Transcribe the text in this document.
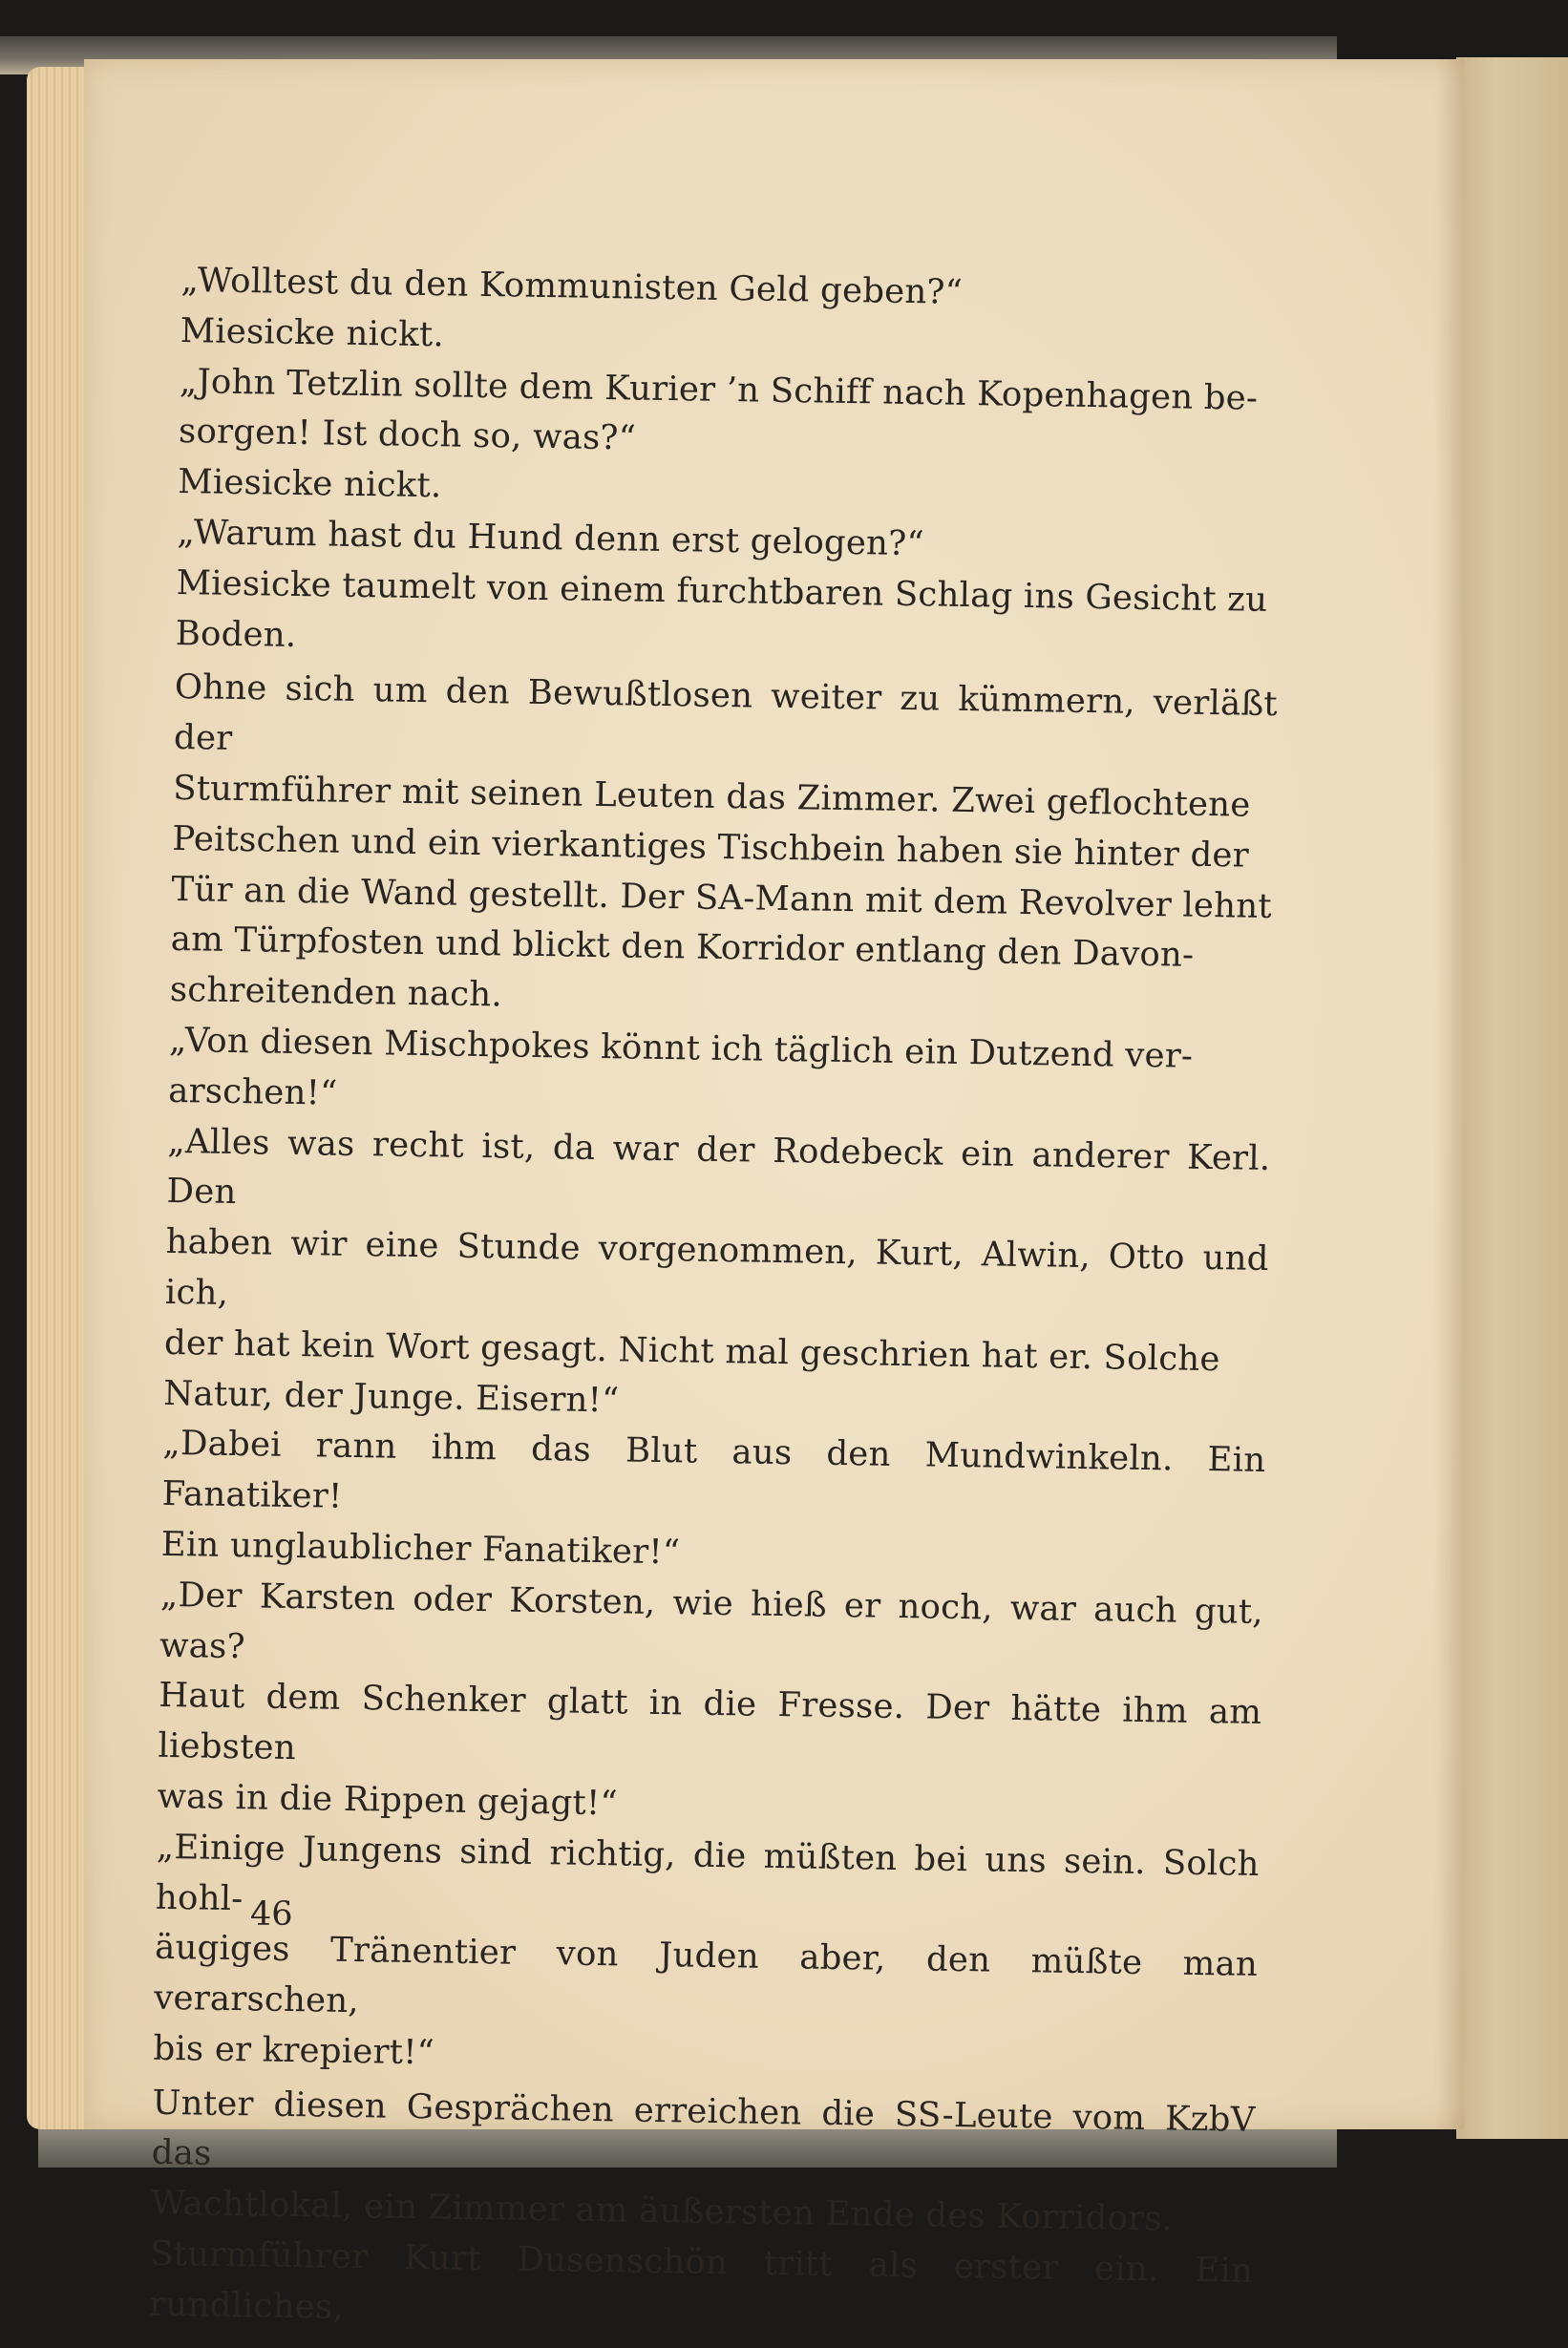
„Wolltest du den Kommunisten Geld geben?“

Miesicke nickt.

„John Tetzlin sollte dem Kurier ’n Schiff nach Kopenhagen be-
sorgen! Ist doch so, was?“

Miesicke nickt.

„Warum hast du Hund denn erst gelogen?“

Miesicke taumelt von einem furchtbaren Schlag ins Gesicht zu
Boden.

Ohne sich um den Bewußtlosen weiter zu kümmern, verläßt der
Sturmführer mit seinen Leuten das Zimmer. Zwei geflochtene
Peitschen und ein vierkantiges Tischbein haben sie hinter der
Tür an die Wand gestellt. Der SA-Mann mit dem Revolver lehnt
am Türpfosten und blickt den Korridor entlang den Davon-
schreitenden nach.

„Von diesen Mischpokes könnt ich täglich ein Dutzend ver-
arschen!“

„Alles was recht ist, da war der Rodebeck ein anderer Kerl. Den
haben wir eine Stunde vorgenommen, Kurt, Alwin, Otto und ich,
der hat kein Wort gesagt. Nicht mal geschrien hat er. Solche
Natur, der Junge. Eisern!“

„Dabei rann ihm das Blut aus den Mundwinkeln. Ein Fanatiker!
Ein unglaublicher Fanatiker!“

„Der Karsten oder Korsten, wie hieß er noch, war auch gut, was?
Haut dem Schenker glatt in die Fresse. Der hätte ihm am liebsten
was in die Rippen gejagt!“

„Einige Jungens sind richtig, die müßten bei uns sein. Solch hohl-
äugiges Tränentier von Juden aber, den müßte man verarschen,
bis er krepiert!“

Unter diesen Gesprächen erreichen die SS-Leute vom KzbV das
Wachtlokal, ein Zimmer am äußersten Ende des Korridors.
Sturmführer Kurt Dusenschön tritt als erster ein. Ein rundliches,

46
